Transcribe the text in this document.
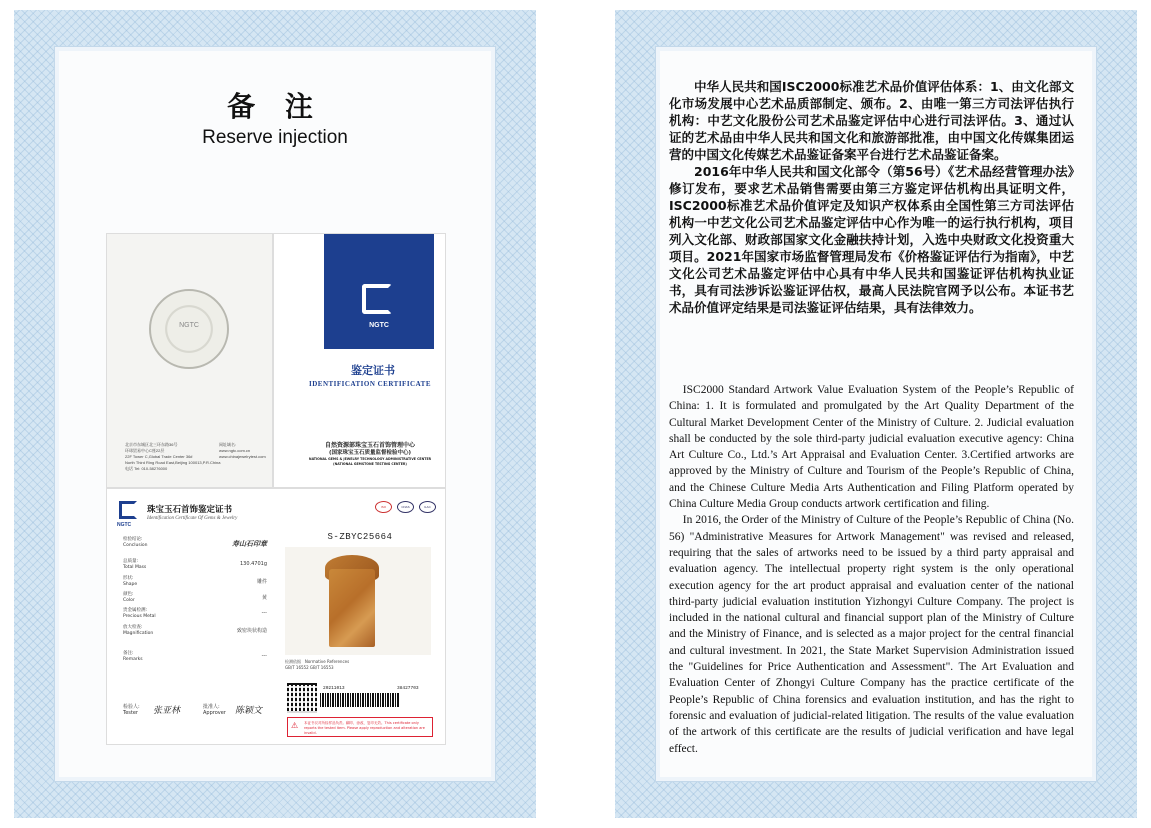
备 注
Reserve injection
NGTC
北京市东城区北三环东路36号
环球贸易中心C座22层
22F Tower C,Global Trade Center 36#
North Third Ring Road East,Beijing 100013,P.R.China
电话 Tel: 010-58276000
网址域名:
www.ngtc.com.cn
www.chinajewelrytest.com
NGTC
鉴定证书
IDENTIFICATION CERTIFICATE
自然资源部珠宝玉石首饰管理中心
(国家珠宝玉石质量监督检验中心)
NATIONAL GEMS & JEWELRY TECHNOLOGY ADMINISTRATIVE CENTER
(NATIONAL GEMSTONE TESTING CENTER)
NGTC
珠宝玉石首饰鉴定证书
Identification Certificate Of Gems & Jewelry
ISO	CNAS	ILAC
检验结论:
Conclusion	寿山石印章
总质量:
Total Mass
130.4701g
形状:
Shape	雕件
颜色:
Color	黄
贵金属检测:
Precious Metal
---
放大检查:
Magnification	致密块状构造
备注:
Remarks
---
检验人:
Tester 张亚林	批准人:
Approver 陈颖文
S-ZBYC25664
检测依据 Normative References
GB/T 16552 GB/T 16553
20211013	38427703
⚠ 本证书仅对所检样品负责。翻印、涂改、复印无效。This certificate only reports the tested item. Please apply reproduction and alteration are invalid.

中华人民共和国ISC2000标准艺术品价值评估体系：1、由文化部文化市场发展中心艺术品质部制定、颁布。2、由唯一第三方司法评估执行机构：中艺文化股份公司艺术品鉴定评估中心进行司法评估。3、通过认证的艺术品由中华人民共和国文化和旅游部批准，由中国文化传媒集团运营的中国文化传媒艺术品鉴证备案平台进行艺术品鉴证备案。

2016年中华人民共和国文化部令（第56号）《艺术品经营管理办法》修订发布，要求艺术品销售需要由第三方鉴定评估机构出具证明文件，ISC2000标准艺术品价值评定及知识产权体系由全国性第三方司法评估机构一中艺文化公司艺术品鉴定评估中心作为唯一的运行执行机构，项目列入文化部、财政部国家文化金融扶持计划，入选中央财政文化投资重大项目。2021年国家市场监督管理局发布《价格鉴证评估行为指南》，中艺文化公司艺术品鉴定评估中心具有中华人民共和国鉴证评估机构执业证书，具有司法涉诉讼鉴证评估权，最高人民法院官网予以公布。本证书艺术品价值评定结果是司法鉴证评估结果，具有法律效力。

ISC2000 Standard Artwork Value Evaluation System of the People’s Republic of China: 1. It is formulated and promulgated by the Art Quality Department of the Cultural Market Development Center of the Ministry of Culture. 2. Judicial evaluation shall be conducted by the sole third-party judicial evaluation executive agency: China Art Culture Co., Ltd.’s Art Appraisal and Evaluation Center. 3.Certified artworks are approved by the Ministry of Culture and Tourism of the People’s Republic of China, and the Chinese Culture Media Arts Authentication and Filing Platform operated by China Culture Media Group conducts artwork certification and filing.

In 2016, the Order of the Ministry of Culture of the People’s Republic of China (No. 56) "Administrative Measures for Artwork Management" was revised and released, requiring that the sales of artworks need to be issued by a third party appraisal and evaluation agency. The intellectual property right system is the only operational execution agency for the art product appraisal and evaluation center of the national third-party judicial evaluation institution Yizhongyi Culture Company. The project is included in the national cultural and financial support plan of the Ministry of Culture and the Ministry of Finance, and is selected as a major project for the central financial and cultural investment. In 2021, the State Market Supervision Administration issued the "Guidelines for Price Authentication and Assessment". The Art Evaluation and Evaluation Center of Zhongyi Culture Company has the practice certificate of the People’s Republic of China forensics and evaluation institution, and has the right to forensic and evaluation of judicial-related litigation. The results of the value evaluation of the artwork of this certificate are the results of judicial verification and have legal effect.
